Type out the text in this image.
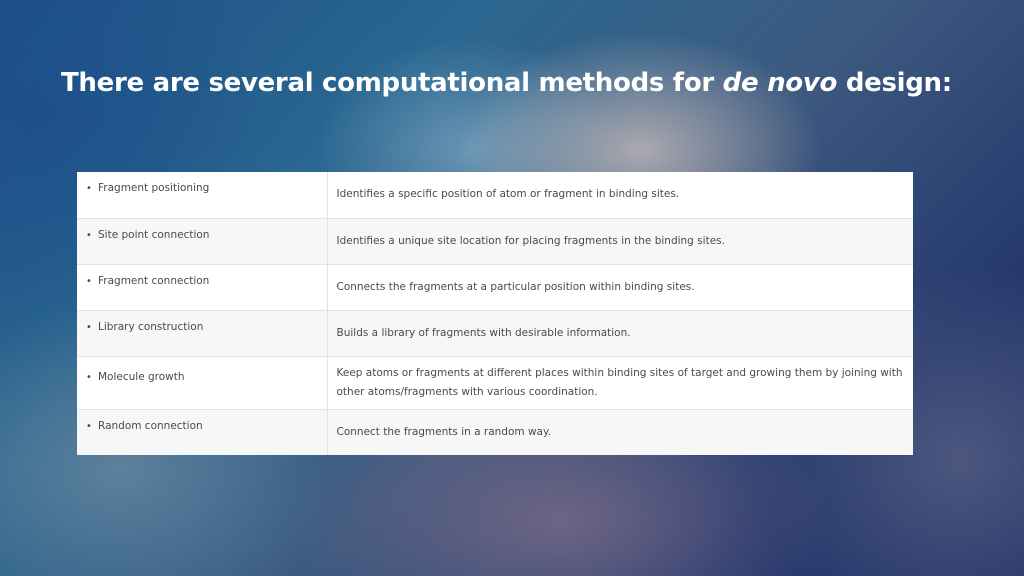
There are several computational methods for de novo design:
• Fragment positioning	Identifies a specific position of atom or fragment in binding sites.
• Site point connection	Identifies a unique site location for placing fragments in the binding sites.
• Fragment connection	Connects the fragments at a particular position within binding sites.
• Library construction	Builds a library of fragments with desirable information.
• Molecule growth	Keep atoms or fragments at different places within binding sites of target and growing them by joining with other atoms/fragments with various coordination.
• Random connection	Connect the fragments in a random way.
